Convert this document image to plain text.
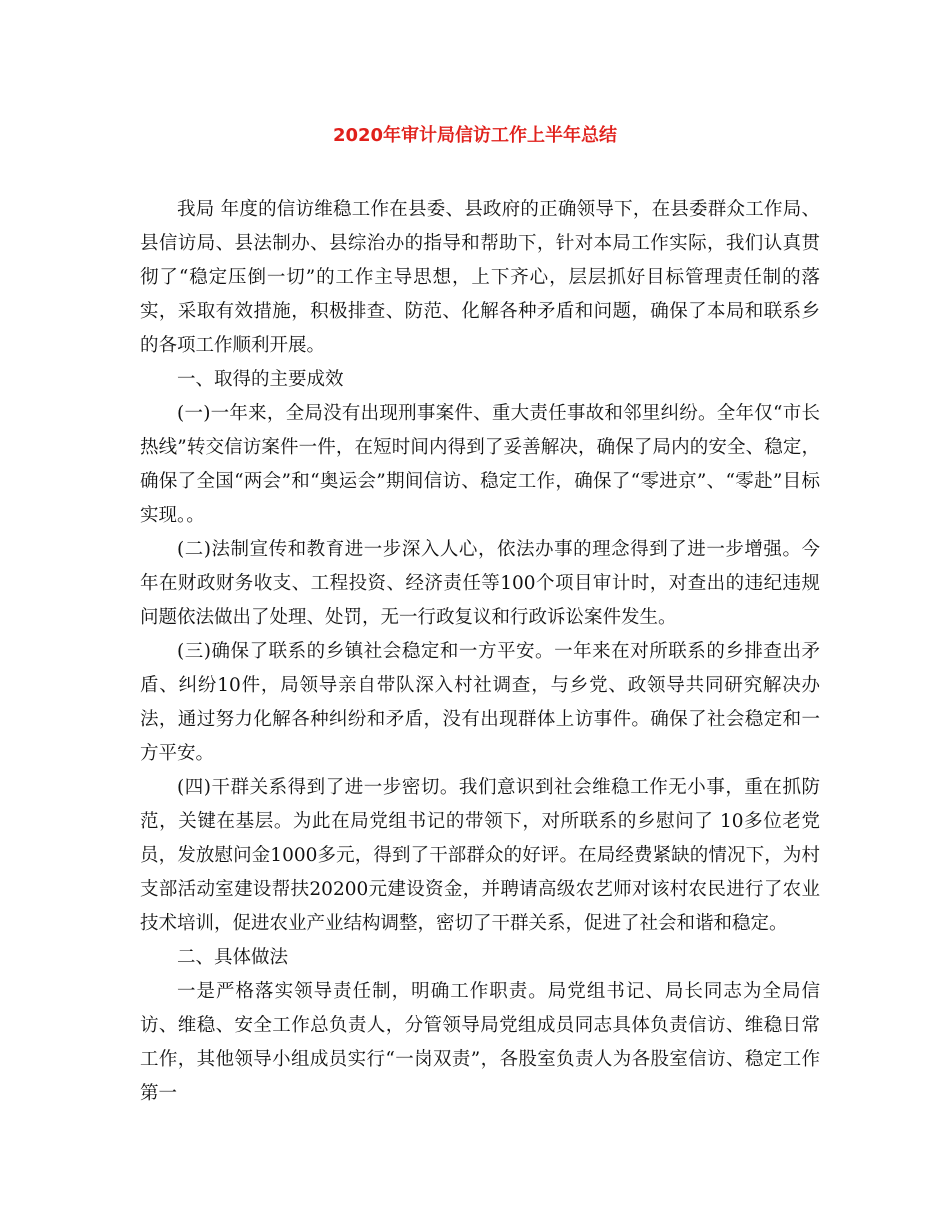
2020年审计局信访工作上半年总结

我局 年度的信访维稳工作在县委、县政府的正确领导下，在县委群众工作局、县信访局、县法制办、县综治办的指导和帮助下，针对本局工作实际，我们认真贯彻了“稳定压倒一切”的工作主导思想，上下齐心，层层抓好目标管理责任制的落实，采取有效措施，积极排查、防范、化解各种矛盾和问题，确保了本局和联系乡的各项工作顺利开展。

一、取得的主要成效

(一)一年来，全局没有出现刑事案件、重大责任事故和邻里纠纷。全年仅“市长热线”转交信访案件一件，在短时间内得到了妥善解决，确保了局内的安全、稳定，确保了全国“两会”和“奥运会”期间信访、稳定工作，确保了“零进京”、“零赴”目标实现。。

(二)法制宣传和教育进一步深入人心，依法办事的理念得到了进一步增强。今年在财政财务收支、工程投资、经济责任等100个项目审计时，对查出的违纪违规问题依法做出了处理、处罚，无一行政复议和行政诉讼案件发生。

(三)确保了联系的乡镇社会稳定和一方平安。一年来在对所联系的乡排查出矛盾、纠纷10件，局领导亲自带队深入村社调查，与乡党、政领导共同研究解决办法，通过努力化解各种纠纷和矛盾，没有出现群体上访事件。确保了社会稳定和一方平安。

(四)干群关系得到了进一步密切。我们意识到社会维稳工作无小事，重在抓防范，关键在基层。为此在局党组书记的带领下，对所联系的乡慰问了 10多位老党员，发放慰问金1000多元，得到了干部群众的好评。在局经费紧缺的情况下，为村支部活动室建设帮扶20200元建设资金，并聘请高级农艺师对该村农民进行了农业技术培训，促进农业产业结构调整，密切了干群关系，促进了社会和谐和稳定。

二、具体做法

一是严格落实领导责任制，明确工作职责。局党组书记、局长同志为全局信访、维稳、安全工作总负责人，分管领导局党组成员同志具体负责信访、维稳日常工作，其他领导小组成员实行“一岗双责”，各股室负责人为各股室信访、稳定工作第一
